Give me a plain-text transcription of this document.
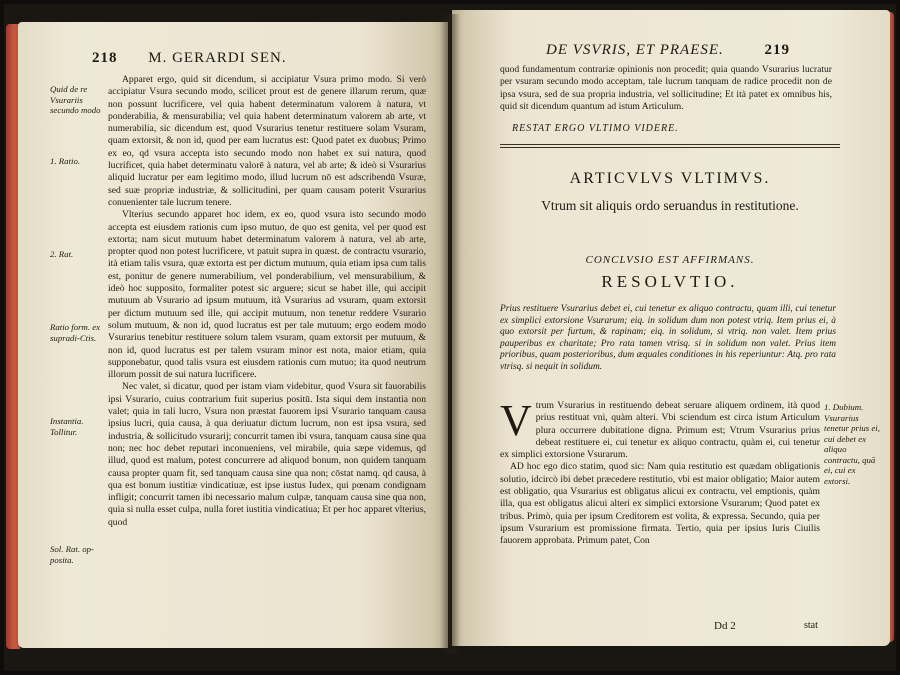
218 M. GERARDI SEN.
Quid de re Vsurariis secundo modo
1. Ratio.
2. Rat.
Ratio form. ex supradi-Ctis.
Instantia. Tollitur.
Sol. Rat. op-posita.

Apparet ergo, quid sit dicendum, si accipiatur Vsura primo modo. Si verò accipiatur Vsura secundo modo, scilicet prout est de genere illarum rerum, quæ non possunt lucrificere, vel quia habent determinatum valorem à natura, vt ponderabilia, & mensurabilia; vel quia habent determinatum valorem ab arte, vt numerabilia, sic dicendum est, quod Vsurarius tenetur restituere solam Vsuram, quam extorsit, & non id, quod per eam lucratus est: Quod patet ex duobus; Primo ex eo, qd vsura accepta isto secundo modo non habet ex sui natura, quod lucrificet, quia habet determinatu valorē à natura, vel ab arte; & ideò si Vsurarius aliquid lucratur per eam legitimo modo, illud lucrum nō est adscribendū Vsuræ, sed suæ propriæ industriæ, & sollicitudini, per quam causam poterit Vsurarius conuenienter tale lucrum tenere.

Vlterius secundo apparet hoc idem, ex eo, quod vsura isto secundo modo accepta est eiusdem rationis cum ipso mutuo, de quo est genita, vel per quod est extorta; nam sicut mutuum habet determinatum valorem à natura, vel ab arte, propter quod non potest lucrificere, vt patuit supra in quæst. de contractu vsurario, ità etiam talis vsura, quæ extorta est per dictum mutuum, quia etiam ipsa cum talis est, ponitur de genere numerabilium, vel ponderabilium, vel mensurabilium, & ideò hoc supposito, formaliter potest sic arguere; sicut se habet ille, qui accipit mutuum ab Vsurario ad ipsum mutuum, ità Vsurarius ad vsuram, quam extorsit per dictum mutuum sed ille, qui accipit mutuum, non tenetur reddere Vsurario solum mutuum, & non id, quod lucratus est per tale mutuum; ergo eodem modo Vsurarius tenebitur restituere solum talem vsuram, quam extorsit per mutuum, & non id, quod lucratus est per talem vsuram minor est nota, maior etiam, quia supponebatur, quod talis vsura est eiusdem rationis cum mutuo; ita quod neutrum illorum possit de sui natura lucrificere.

Nec valet, si dicatur, quod per istam viam videbitur, quod Vsura sit fauorabilis ipsi Vsurario, cuius contrarium fuit superius positū. Ista siqui dem instantia non valet; quia in tali lucro, Vsura non præstat fauorem ipsi Vsurario tanquam causa ipsius lucri, quia causa, à qua deriuatur dictum lucrum, non est ipsa vsura, sed industria, & sollicitudo vsurarij; concurrit tamen ibi vsura, tanquam causa sine qua non; nec hoc debet reputari inconueniens, vel mirabile, quia sæpe videmus, qd illud, quod est malum, potest concurrere ad aliquod bonum, non quidem tanquam causa propter quam fit, sed tanquam causa sine qua non; cōstat namq. qd causa, à qua est bonum iustitiæ vindicatiuæ, est ipse iustus Iudex, qui pœnam condignam infligit; concurrit tamen ibi necessario malum culpæ, tanquam causa sine qua non, quia si nulla esset culpa, nulla foret iustitia vindicatiua; Et per hoc apparet vlterius, quod

DE VSVRIS, ET PRAESE.	219
quod fundamentum contrariæ opinionis non procedit; quia quando Vsurarius lucratur per vsuram secundo modo acceptam, tale lucrum tanquam de radice procedit non de ipsa vsura, sed de sua propria industria, vel sollicitudine; Et ità patet ex omnibus his, quid sit dicendum quantum ad istum Articulum.
RESTAT ERGO VLTIMO VIDERE.
ARTICVLVS VLTIMVS.
Vtrum sit aliquis ordo seruandus in restitutione.
CONCLVSIO EST AFFIRMANS.
RESOLVTIO.
Prius restituere Vsurarius debet ei, cui tenetur ex aliquo contractu, quam illi, cui tenetur ex simplici extorsione Vsurarum; eiq. in solidum dum non potest vtriq. Item prius ei, à quo extorsit per furtum, & rapinam; eiq. in solidum, si vtriq. non valet. Item prius pauperibus ex charitate; Pro rata tamen vtrisq. si in solidum non valet. Prius item prioribus, quam posterioribus, dum æquales conditiones in his reperiuntur: Atq. pro rata vtrisq. si nequit in solidum.
V trum Vsurarius in restituendo debeat seruare aliquem ordinem, ità quod prius restituat vni, quàm alteri. Vbi sciendum est circa istum Articulum plura occurrere dubitatione digna. Primum est; Vtrum Vsurarius prius debeat restituere ei, cui tenetur ex aliquo contractu, quàm ei, cui tenetur ex simplici extorsione Vsurarum.

AD hoc ego dico statim, quod sic: Nam quia restitutio est quædam obligationis solutio, idcircò ibi debet præcedere restitutio, vbi est maior obligatio; Maior autem est obligatio, qua Vsurarius est obligatus alicui ex contractu, vel emptionis, quàm illa, qua est obligatus alicui alteri ex simplici extorsione Vsurarum; Quod patet ex tribus. Primò, quia per ipsum Creditorem est volita, & expressa. Secundo, quia per ipsum Vsurarium est promissione firmata. Tertio, quia per ipsius Iuris Ciuilis fauorem approbata. Primum patet, Con

1. Dubium. Vsurarius tenetur prius ei, cui debet ex aliquo contractu, quā ei, cui ex extorsi.
Dd 2	stat
